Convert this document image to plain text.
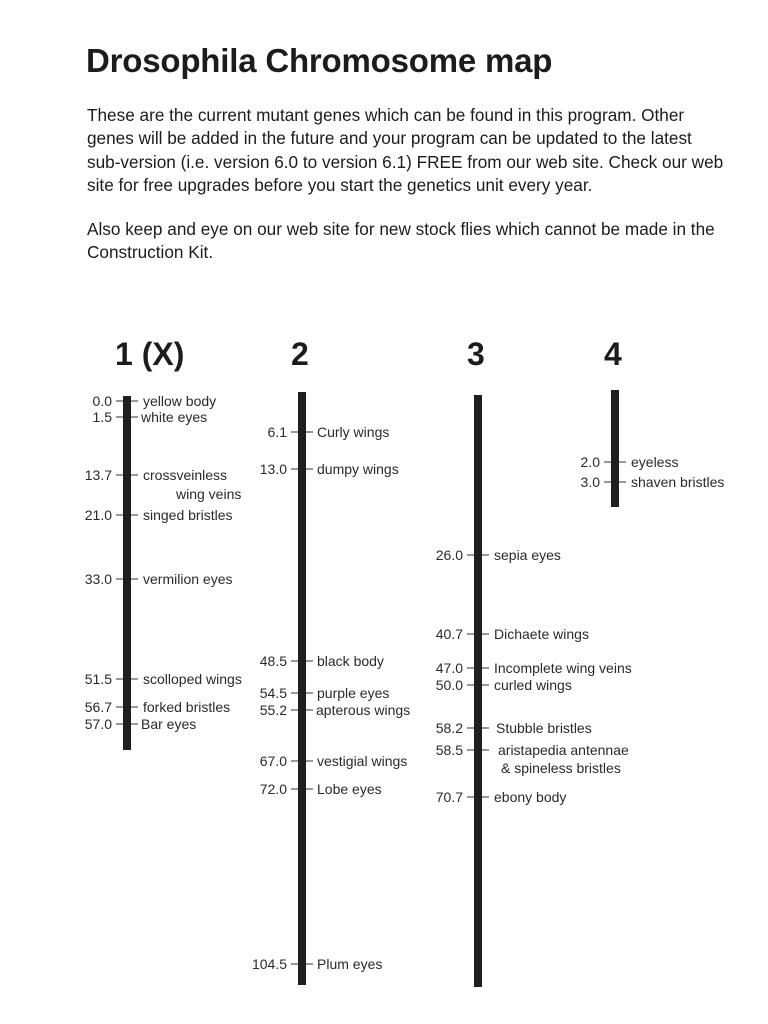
Drosophila Chromosome map

These are the current mutant genes which can be found in this program. Other genes will be added in the future and your program can be updated to the latest sub-version (i.e. version 6.0 to version 6.1) FREE from our web site. Check our web site for free upgrades before you start the genetics unit every year.

Also keep and eye on our web site for new stock flies which cannot be made in the Construction Kit.

1 (X)	2	3	4
0.0 yellow body
1.5 white eyes
13.7 crossveinless
wing veins
21.0 singed bristles
33.0 vermilion eyes
51.5 scolloped wings
56.7 forked bristles
57.0 Bar eyes
6.1 Curly wings
13.0 dumpy wings
48.5 black body
54.5 purple eyes
55.2 apterous wings
67.0 vestigial wings
72.0 Lobe eyes
104.5 Plum eyes
26.0 sepia eyes
40.7 Dichaete wings
47.0 Incomplete wing veins
50.0 curled wings
58.2 Stubble bristles
58.5	aristapedia antennae
& spineless bristles
70.7 ebony body
2.0 eyeless
3.0 shaven bristles
